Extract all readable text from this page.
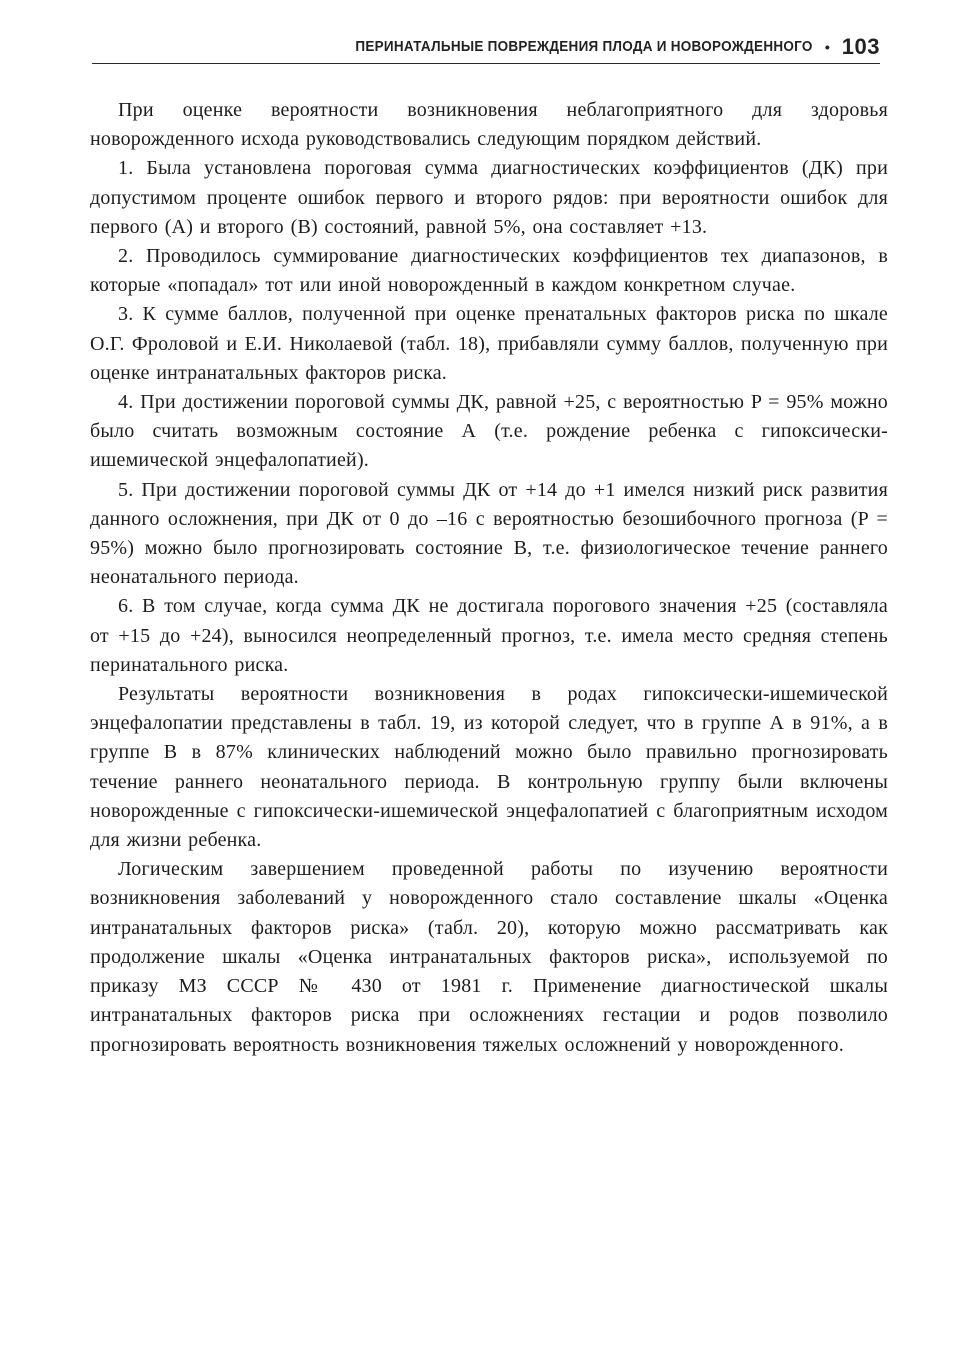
ПЕРИНАТАЛЬНЫЕ ПОВРЕЖДЕНИЯ ПЛОДА И НОВОРОЖДЕННОГО • 103

При оценке вероятности возникновения неблагоприятного для здоровья новорожденного исхода руководствовались следующим порядком действий.

1. Была установлена пороговая сумма диагностических коэффициентов (ДК) при допустимом проценте ошибок первого и второго рядов: при вероятности ошибок для первого (А) и второго (В) состояний, равной 5%, она составляет +13.

2. Проводилось суммирование диагностических коэффициентов тех диапазонов, в которые «попадал» тот или иной новорожденный в каждом конкретном случае.

3. К сумме баллов, полученной при оценке пренатальных факторов риска по шкале О.Г. Фроловой и Е.И. Николаевой (табл. 18), прибавляли сумму баллов, полученную при оценке интранатальных факторов риска.

4. При достижении пороговой суммы ДК, равной +25, с вероятностью P = 95% можно было считать возможным состояние А (т.е. рождение ребенка с гипоксически-ишемической энцефалопатией).

5. При достижении пороговой суммы ДК от +14 до +1 имелся низкий риск развития данного осложнения, при ДК от 0 до –16 с вероятностью безошибочного прогноза (P = 95%) можно было прогнозировать состояние В, т.е. физиологическое течение раннего неонатального периода.

6. В том случае, когда сумма ДК не достигала порогового значения +25 (составляла от +15 до +24), выносился неопределенный прогноз, т.е. имела место средняя степень перинатального риска.

Результаты вероятности возникновения в родах гипоксически-ишемической энцефалопатии представлены в табл. 19, из которой следует, что в группе А в 91%, а в группе В в 87% клинических наблюдений можно было правильно прогнозировать течение раннего неонатального периода. В контрольную группу были включены новорожденные с гипоксически-ишемической энцефалопатией с благоприятным исходом для жизни ребенка.

Логическим завершением проведенной работы по изучению вероятности возникновения заболеваний у новорожденного стало составление шкалы «Оценка интранатальных факторов риска» (табл. 20), которую можно рассматривать как продолжение шкалы «Оценка интранатальных факторов риска», используемой по приказу МЗ СССР № 430 от 1981 г. Применение диагностической шкалы интранатальных факторов риска при осложнениях гестации и родов позволило прогнозировать вероятность возникновения тяжелых осложнений у новорожденного.
